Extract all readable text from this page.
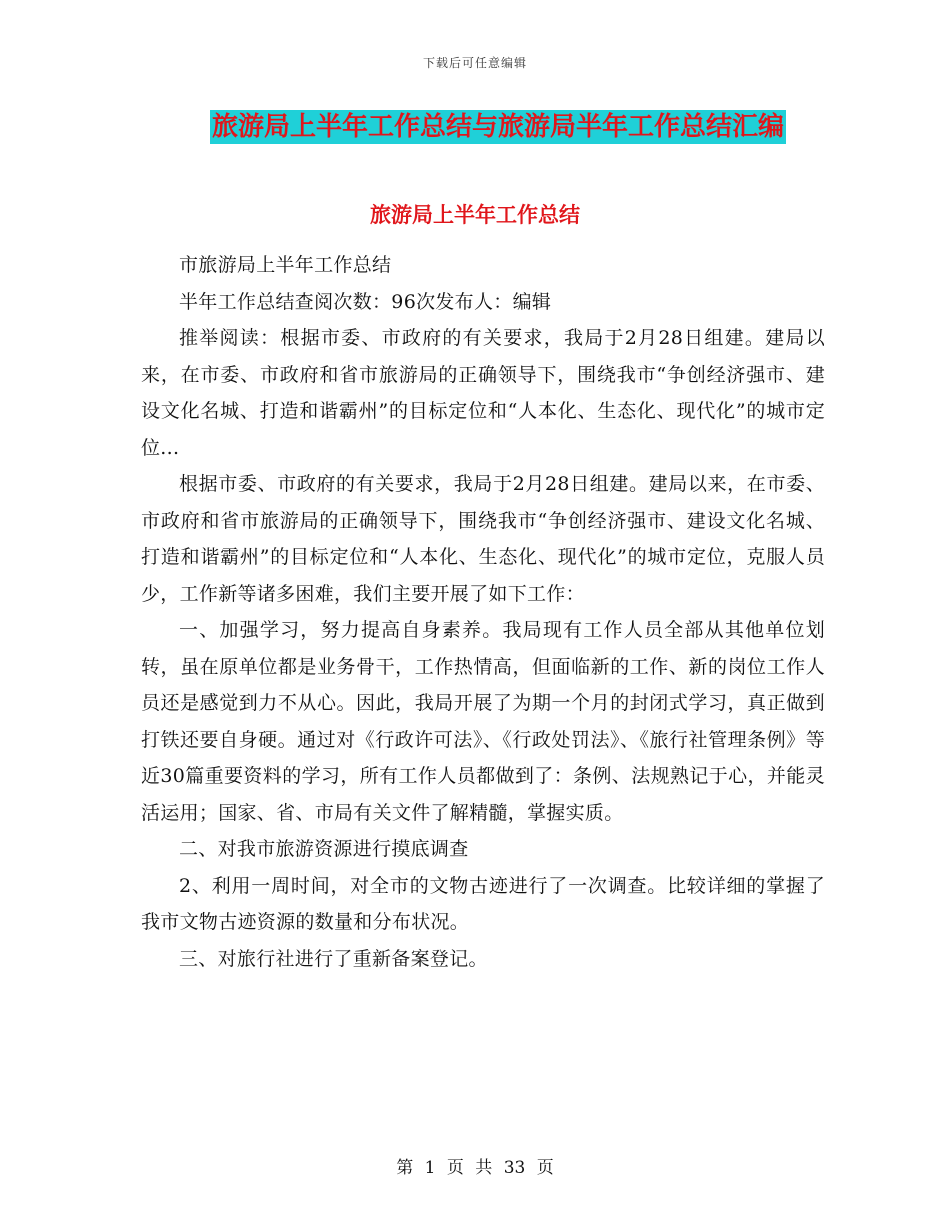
下载后可任意编辑
旅游局上半年工作总结与旅游局半年工作总结汇编
旅游局上半年工作总结

市旅游局上半年工作总结

半年工作总结查阅次数：96次发布人：编辑

推举阅读：根据市委、市政府的有关要求，我局于2月28日组建。建局以来，在市委、市政府和省市旅游局的正确领导下，围绕我市“争创经济强市、建设文化名城、打造和谐霸州”的目标定位和“人本化、生态化、现代化”的城市定位...

根据市委、市政府的有关要求，我局于2月28日组建。建局以来，在市委、市政府和省市旅游局的正确领导下，围绕我市“争创经济强市、建设文化名城、打造和谐霸州”的目标定位和“人本化、生态化、现代化”的城市定位，克服人员少，工作新等诸多困难，我们主要开展了如下工作：

一、加强学习，努力提高自身素养。我局现有工作人员全部从其他单位划转，虽在原单位都是业务骨干，工作热情高，但面临新的工作、新的岗位工作人员还是感觉到力不从心。因此，我局开展了为期一个月的封闭式学习，真正做到打铁还要自身硬。通过对《行政许可法》、《行政处罚法》、《旅行社管理条例》等近30篇重要资料的学习，所有工作人员都做到了：条例、法规熟记于心，并能灵活运用；国家、省、市局有关文件了解精髓，掌握实质。

二、对我市旅游资源进行摸底调查

2、利用一周时间，对全市的文物古迹进行了一次调查。比较详细的掌握了我市文物古迹资源的数量和分布状况。

三、对旅行社进行了重新备案登记。

第 1 页 共 33 页
